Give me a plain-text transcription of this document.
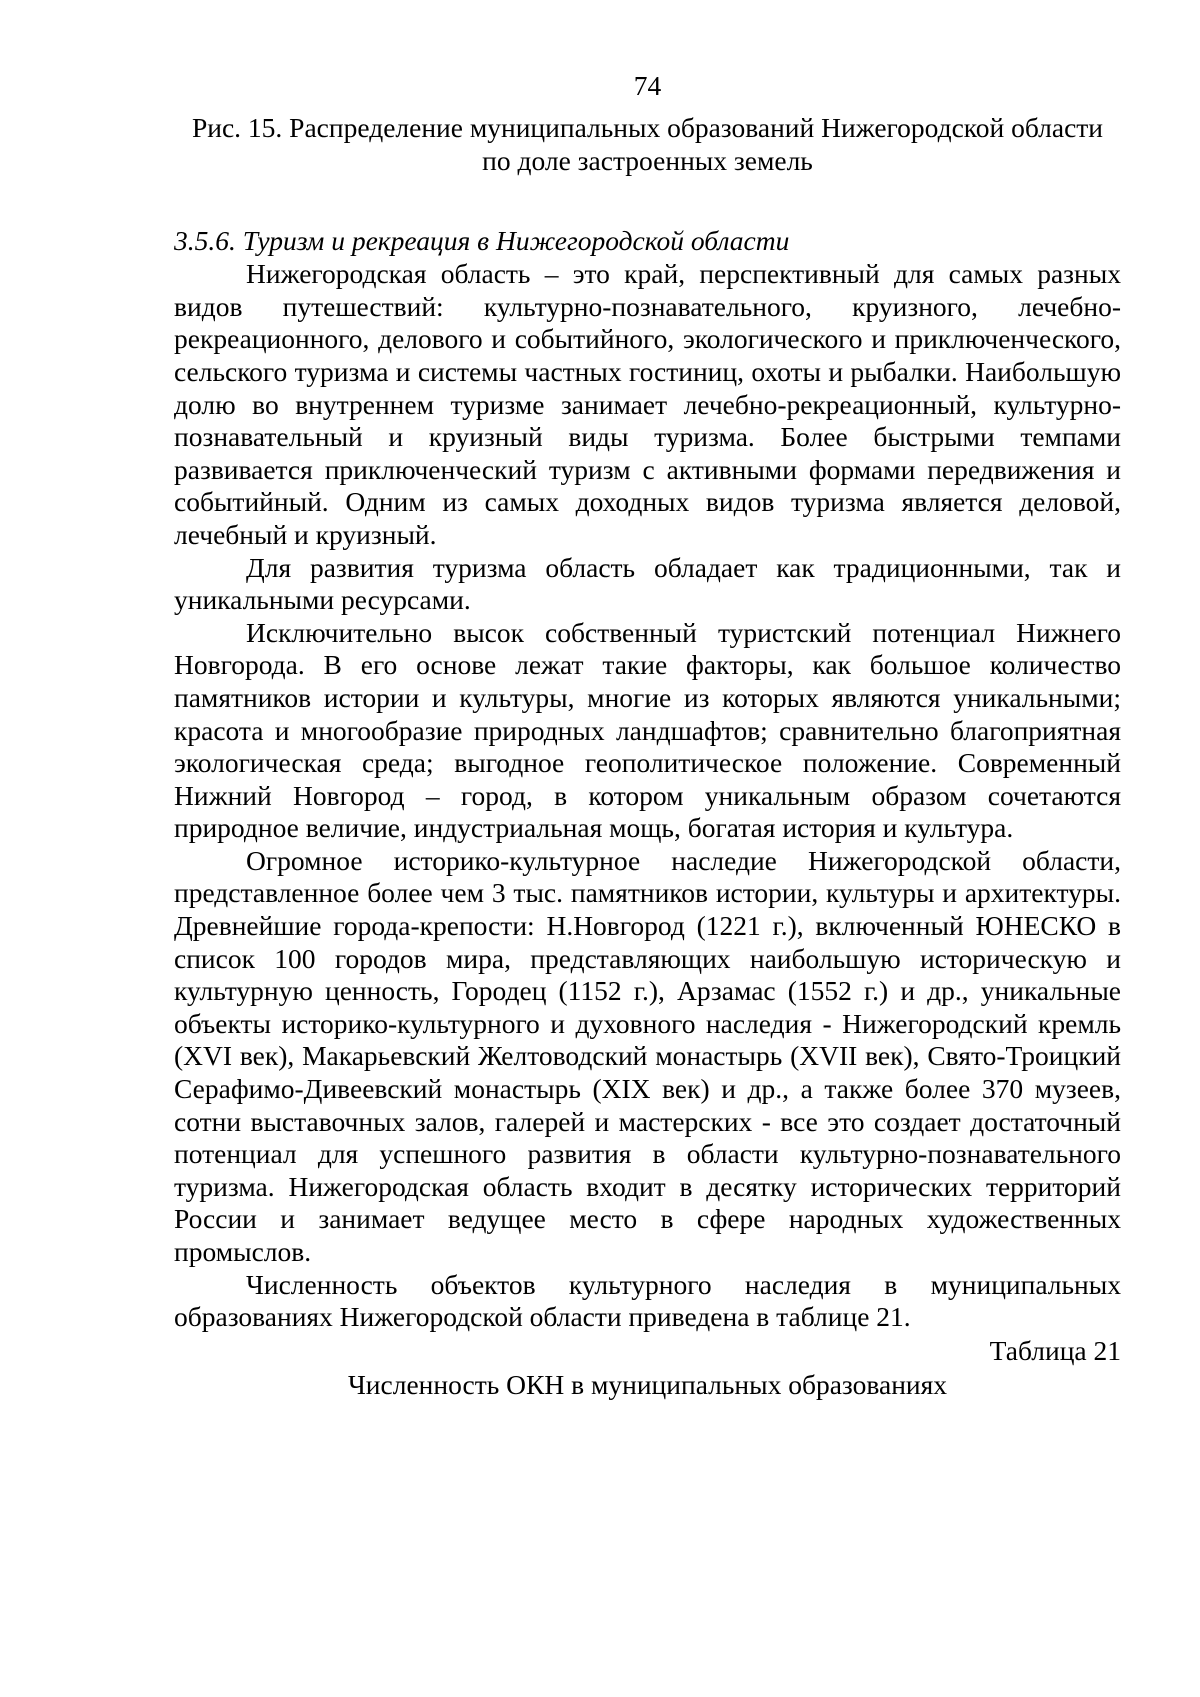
74

Рис. 15. Распределение муниципальных образований Нижегородской области
по доле застроенных земель

3.5.6. Туризм и рекреация в Нижегородской области

Нижегородская область – это край, перспективный для самых разных видов путешествий: культурно-познавательного, круизного, лечебно-рекреационного, делового и событийного, экологического и приключенческого, сельского туризма и системы частных гостиниц, охоты и рыбалки. Наибольшую долю во внутреннем туризме занимает лечебно-рекреационный, культурно-познавательный и круизный виды туризма. Более быстрыми темпами развивается приключенческий туризм с активными формами передвижения и событийный. Одним из самых доходных видов туризма является деловой, лечебный и круизный.

Для развития туризма область обладает как традиционными, так и уникальными ресурсами.

Исключительно высок собственный туристский потенциал Нижнего Новгорода. В его основе лежат такие факторы, как большое количество памятников истории и культуры, многие из которых являются уникальными; красота и многообразие природных ландшафтов; сравнительно благоприятная экологическая среда; выгодное геополитическое положение. Современный Нижний Новгород – город, в котором уникальным образом сочетаются природное величие, индустриальная мощь, богатая история и культура.

Огромное историко-культурное наследие Нижегородской области, представленное более чем 3 тыс. памятников истории, культуры и архитектуры. Древнейшие города-крепости: Н.Новгород (1221 г.), включенный ЮНЕСКО в список 100 городов мира, представляющих наибольшую историческую и культурную ценность, Городец (1152 г.), Арзамас (1552 г.) и др., уникальные объекты историко-культурного и духовного наследия - Нижегородский кремль (XVI век), Макарьевский Желтоводский монастырь (XVII век), Свято-Троицкий Серафимо-Дивеевский монастырь (XIX век) и др., а также более 370 музеев, сотни выставочных залов, галерей и мастерских - все это создает достаточный потенциал для успешного развития в области культурно-познавательного туризма. Нижегородская область входит в десятку исторических территорий России и занимает ведущее место в сфере народных художественных промыслов.

Численность объектов культурного наследия в муниципальных образованиях Нижегородской области приведена в таблице 21.

Таблица 21

Численность ОКН в муниципальных образованиях
